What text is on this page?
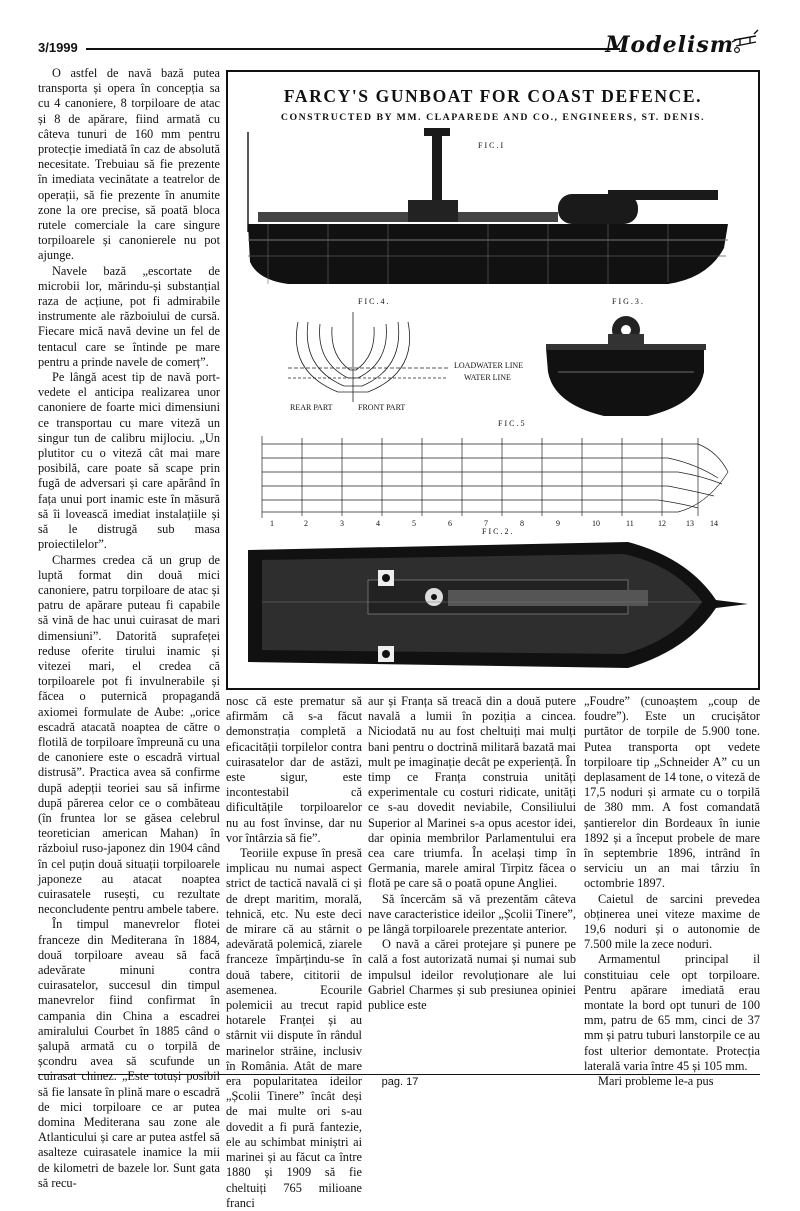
3/1999	Modelism

O astfel de navă bază putea transporta și opera în concepția sa cu 4 canoniere, 8 torpiloare de atac și 8 de apărare, fiind armată cu câteva tunuri de 160 mm pentru protecție imediată în caz de absolută necesitate. Trebuiau să fie prezente în imediata vecinătate a teatrelor de operații, să fie prezente în anumite zone la ore precise, să poată bloca rutele comerciale la care singure torpiloarele și canonierele nu pot ajunge.

Navele bază „escortate de microbii lor, mărindu-și substanțial raza de acțiune, pot fi admirabile instrumente ale războiului de cursă. Fiecare mică navă devine un fel de tentacul care se întinde pe mare pentru a prinde navele de comerț”.

Pe lângă acest tip de navă port-vedete el anticipa realizarea unor canoniere de foarte mici dimensiuni ce transportau cu mare viteză un singur tun de calibru mijlociu. „Un plutitor cu o viteză cât mai mare posibilă, care poate să scape prin fugă de adversari și care apărând în fața unui port inamic este în măsură să îi lovească imediat instalațiile și să le distrugă sub masa proiectilelor”.

Charmes credea că un grup de luptă format din două mici canoniere, patru torpiloare de atac și patru de apărare puteau fi capabile să vină de hac unui cuirasat de mari dimensiuni”. Datorită suprafeței reduse oferite tirului inamic și vitezei mari, el credea că torpiloarele pot fi invulnerabile și făcea o puternică propagandă axiomei formulate de Aube: „orice escadră atacată noaptea de către o flotilă de torpiloare împreună cu una de canoniere este o escadră virtual distrusă”. Practica avea să confirme după adepții teoriei sau să infirme după părerea celor ce o combăteau (în fruntea lor se găsea celebrul teoretician american Mahan) în războiul ruso-japonez din 1904 când în cel puțin două situații torpiloarele japoneze au atacat noaptea cuirasatele rusești, cu rezultate neconcludente pentru ambele tabere.

În timpul manevrelor flotei franceze din Mediterana în 1884, două torpiloare aveau să facă adevărate minuni contra cuirasatelor, succesul din timpul manevrelor fiind confirmat în campania din China a escadrei amiralului Courbet în 1885 când o șalupă armată cu o torpilă de școndru avea să scufunde un cuirasat chinez. „Este totuși posibil să fie lansate în plină mare o escadră de mici torpiloare ce ar putea domina Mediterana sau zone ale Atlanticului și care ar putea astfel să asalteze cuirasatele inamice la mii de kilometri de bazele lor. Sunt gata să recu-

FARCY'S GUNBOAT FOR COAST DEFENCE.
CONSTRUCTED BY MM. CLAPAREDE AND CO., ENGINEERS, ST. DENIS.
F I C . I
F I C . 4 .
LOADWATER LINE
WATER LINE
REAR PART	FRONT PART
F I G . 3 .
F I C . 5
1	2	3	4	5	6	7	8	9	10	11	12	13 14
F I C . 2 .

nosc că este prematur să afirmăm că s-a făcut demonstrația completă a eficacității torpilelor contra cuirasatelor dar de astăzi, este sigur, este incontestabil că dificultățile torpiloarelor nu au fost învinse, dar nu vor întârzia să fie”.

Teoriile expuse în presă implicau nu numai aspect strict de tactică navală ci și de drept maritim, morală, tehnică, etc. Nu este deci de mirare că au stârnit o adevărată polemică, ziarele franceze împărțindu-se în două tabere, cititorii de asemenea. Ecourile polemicii au trecut rapid hotarele Franței și au stârnit vii dispute în rândul marinelor străine, inclusiv în România. Atât de mare era popularitatea ideilor „Școlii Tinere” încât deși de mai multe ori s-au dovedit a fi pură fantezie, ele au schimbat miniștri ai marinei și au făcut ca între 1880 și 1909 să fie cheltuiți 765 milioane franci

aur și Franța să treacă din a două putere navală a lumii în poziția a cincea. Niciodată nu au fost cheltuiți mai mulți bani pentru o doctrină militară bazată mai mult pe imaginație decât pe experiență. În timp ce Franța construia unități experimentale cu costuri ridicate, unități ce s-au dovedit neviabile, Consiliului Superior al Marinei s-a opus acestor idei, dar opinia membrilor Parlamentului era cea care triumfa. În același timp în Germania, marele amiral Tirpitz făcea o flotă pe care să o poată opune Angliei.

Să încercăm să vă prezentăm câteva nave caracteristice ideilor „Școlii Tinere”, pe lângă torpiloarele prezentate anterior.

O navă a cărei protejare și punere pe calǎ a fost autorizată numai și numai sub impulsul ideilor revoluționare ale lui Gabriel Charmes și sub presiunea opiniei publice este

„Foudre” (cunoaștem „coup de foudre”). Este un crucișător purtător de torpile de 5.900 tone. Putea transporta opt vedete torpiloare tip „Schneider A” cu un deplasament de 14 tone, o viteză de 17,5 noduri și armate cu o torpilă de 380 mm. A fost comandată șantierelor din Bordeaux în iunie 1892 și a început probele de mare în septembrie 1896, intrând în serviciu un an mai târziu în octombrie 1897.

Caietul de sarcini prevedea obținerea unei viteze maxime de 19,6 noduri și o autonomie de 7.500 mile la zece noduri.

Armamentul principal il constituiau cele opt torpiloare. Pentru apărare imediată erau montate la bord opt tunuri de 100 mm, patru de 65 mm, cinci de 37 mm și patru tuburi lanstorpile ce au fost ulterior demontate. Protecția laterală varia între 45 și 105 mm.

Mari probleme le-a pus

pag. 17
